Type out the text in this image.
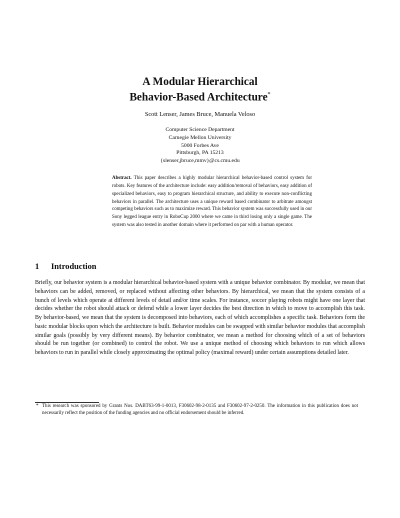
A Modular Hierarchical
Behavior-Based Architecture*
Scott Lenser, James Bruce, Manuela Veloso
Computer Science Department
Carnegie Mellon University
5000 Forbes Ave
Pittsburgh, PA 15213
{slenser,jbruce,mmv}@cs.cmu.edu
Abstract. This paper describes a highly modular hierarchical behavior-based control system for robots. Key features of the architecture include: easy addition/removal of behaviors, easy addition of specialized behaviors, easy to program hierarchical structure, and ability to execute non-conflicting behaviors in parallel. The architecture uses a unique reward based combinator to arbitrate amongst competing behaviors such as to maximize reward. This behavior system was successfully used in our Sony legged league entry in RoboCup 2000 where we came in third losing only a single game. The system was also tested in another domain where it performed on par with a human operator.
1 Introduction
Briefly, our behavior system is a modular hierarchical behavior-based system with a unique behavior combinator. By modular, we mean that behaviors can be added, removed, or replaced without affecting other behaviors. By hierarchical, we mean that the system consists of a bunch of levels which operate at different levels of detail and/or time scales. For instance, soccer playing robots might have one layer that decides whether the robot should attack or defend while a lower layer decides the best direction in which to move to accomplish this task. By behavior-based, we mean that the system is decomposed into behaviors, each of which accomplishes a specific task. Behaviors form the basic modular blocks upon which the architecture is built. Behavior modules can be swapped with similar behavior modules that accomplish similar goals (possibly by very different means). By behavior combinator, we mean a method for choosing which of a set of behaviors should be run together (or combined) to control the robot. We use a unique method of choosing which behaviors to run which allows behaviors to run in parallel while closely approximating the optimal policy (maximal reward) under certain assumptions detailed later.
* This research was sponsored by Grants Nos. DABT63-99-1-0013, F30602-98-2-0135 and F30602-97-2-0250. The information in this publication does not necessarily reflect the position of the funding agencies and no official endorsement should be inferred.
